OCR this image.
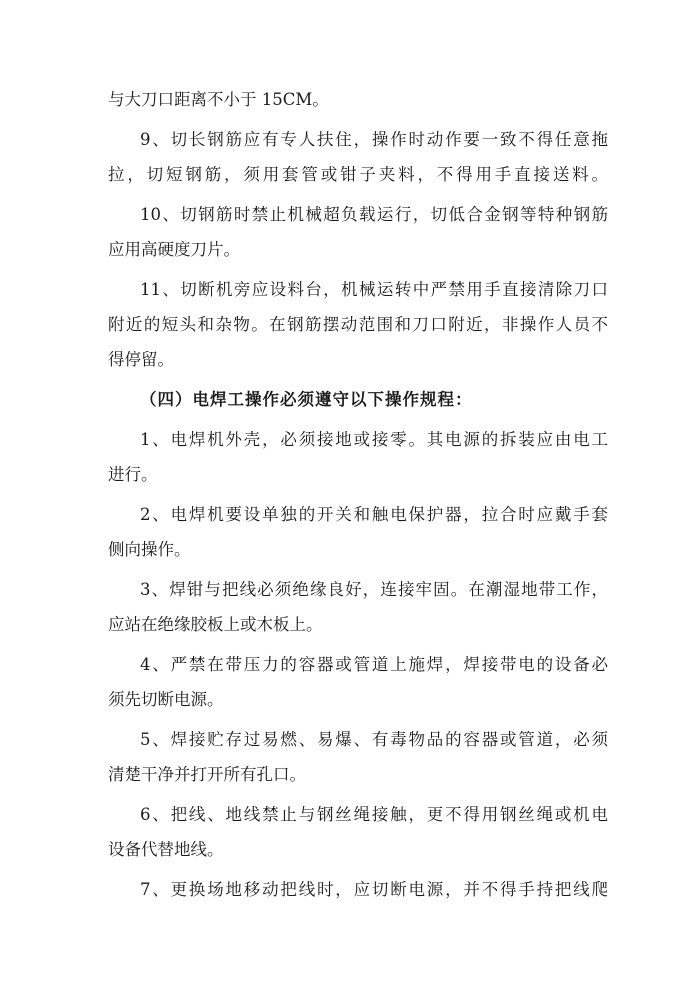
与大刀口距离不小于 15CM。

9、切长钢筋应有专人扶住，操作时动作要一致不得任意拖

拉，切短钢筋，须用套管或钳子夹料，不得用手直接送料。

10、切钢筋时禁止机械超负载运行，切低合金钢等特种钢筋

应用高硬度刀片。

11、切断机旁应设料台，机械运转中严禁用手直接清除刀口

附近的短头和杂物。在钢筋摆动范围和刀口附近，非操作人员不

得停留。

（四）电焊工操作必须遵守以下操作规程：

1、电焊机外壳，必须接地或接零。其电源的拆装应由电工

进行。

2、电焊机要设单独的开关和触电保护器，拉合时应戴手套

侧向操作。

3、焊钳与把线必须绝缘良好，连接牢固。在潮湿地带工作，

应站在绝缘胶板上或木板上。

4、严禁在带压力的容器或管道上施焊，焊接带电的设备必

须先切断电源。

5、焊接贮存过易燃、易爆、有毒物品的容器或管道，必须

清楚干净并打开所有孔口。

6、把线、地线禁止与钢丝绳接触，更不得用钢丝绳或机电

设备代替地线。

7、更换场地移动把线时，应切断电源，并不得手持把线爬
